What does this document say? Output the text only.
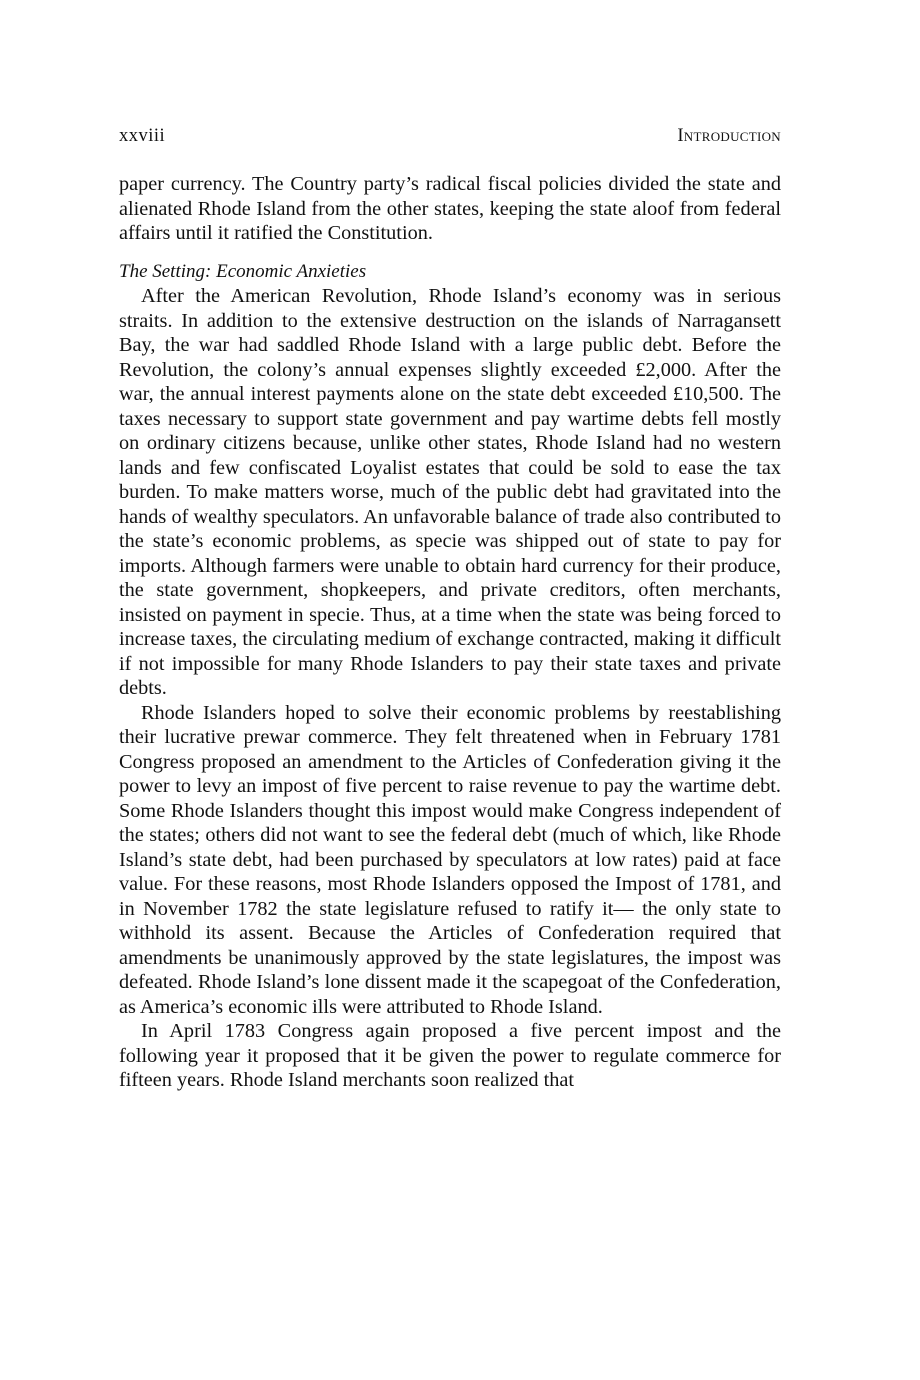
xxviii	Introduction

paper currency. The Country party’s radical fiscal policies divided the state and alienated Rhode Island from the other states, keeping the state aloof from federal affairs until it ratified the Constitution.

The Setting: Economic Anxieties

After the American Revolution, Rhode Island’s economy was in serious straits. In addition to the extensive destruction on the islands of Narragansett Bay, the war had saddled Rhode Island with a large public debt. Before the Revolution, the colony’s annual expenses slightly exceeded £2,000. After the war, the annual interest payments alone on the state debt exceeded £10,500. The taxes necessary to support state government and pay wartime debts fell mostly on ordinary citizens because, unlike other states, Rhode Island had no western lands and few confiscated Loyalist estates that could be sold to ease the tax burden. To make matters worse, much of the public debt had gravitated into the hands of wealthy speculators. An unfavorable balance of trade also contributed to the state’s economic problems, as specie was shipped out of state to pay for imports. Although farmers were unable to obtain hard currency for their produce, the state government, shopkeepers, and private creditors, often merchants, insisted on payment in specie. Thus, at a time when the state was being forced to increase taxes, the circulating medium of exchange contracted, making it difficult if not impossible for many Rhode Islanders to pay their state taxes and private debts.

Rhode Islanders hoped to solve their economic problems by reestablishing their lucrative prewar commerce. They felt threatened when in February 1781 Congress proposed an amendment to the Articles of Confederation giving it the power to levy an impost of five percent to raise revenue to pay the wartime debt. Some Rhode Islanders thought this impost would make Congress independent of the states; others did not want to see the federal debt (much of which, like Rhode Island’s state debt, had been purchased by speculators at low rates) paid at face value. For these reasons, most Rhode Islanders opposed the Impost of 1781, and in November 1782 the state legislature refused to ratify it— the only state to withhold its assent. Because the Articles of Confederation required that amendments be unanimously approved by the state legislatures, the impost was defeated. Rhode Island’s lone dissent made it the scapegoat of the Confederation, as America’s economic ills were attributed to Rhode Island.

In April 1783 Congress again proposed a five percent impost and the following year it proposed that it be given the power to regulate commerce for fifteen years. Rhode Island merchants soon realized that
